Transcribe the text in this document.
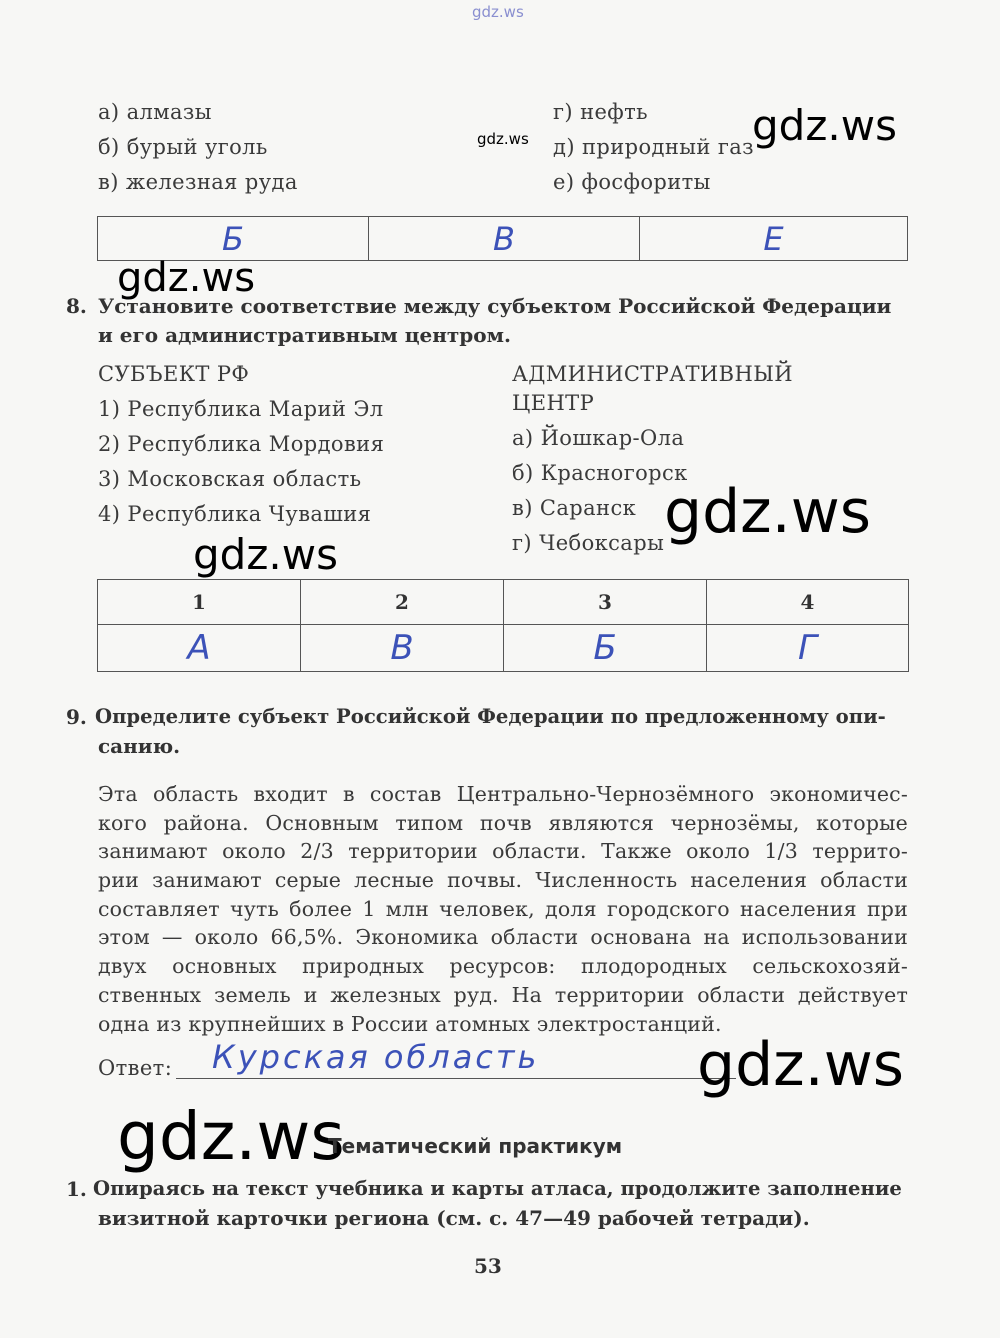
gdz.ws
а) алмазы
б) бурый уголь
в) железная руда
г) нефть
д) природный газ
е) фосфориты
gdz.ws	gdz.ws
Б	В	Е
gdz.ws
8. Установите соответствие между субъектом Российской Федерации
и его административным центром.
СУБЪЕКТ РФ
1) Республика Марий Эл
2) Республика Мордовия
3) Московская область
4) Республика Чувашия
АДМИНИСТРАТИВНЫЙ
ЦЕНТР
а) Йошкар-Ола
б) Красногорск
в) Саранск
г) Чебоксары gdz.ws
gdz.ws
1	2	3	4
А	В	Б	Г
9. Определите субъект Российской Федерации по предложенному опи-
санию.
Эта область входит в состав Центрально-Чернозёмного экономичес-
кого района. Основным типом почв являются чернозёмы, которые
занимают около 2/3 территории области. Также около 1/3 террито-
рии занимают серые лесные почвы. Численность населения области
составляет чуть более 1 млн человек, доля городского населения при
этом — около 66,5%. Экономика области основана на использовании
двух основных природных ресурсов: плодородных сельскохозяй-
ственных земель и железных руд. На территории области действует
одна из крупнейших в России атомных электростанций.
Ответ: Курская область	gdz.ws
gdz.ws
Тематический практикум
1. Опираясь на текст учебника и карты атласа, продолжите заполнение
визитной карточки региона (см. с. 47—49 рабочей тетради).
53
